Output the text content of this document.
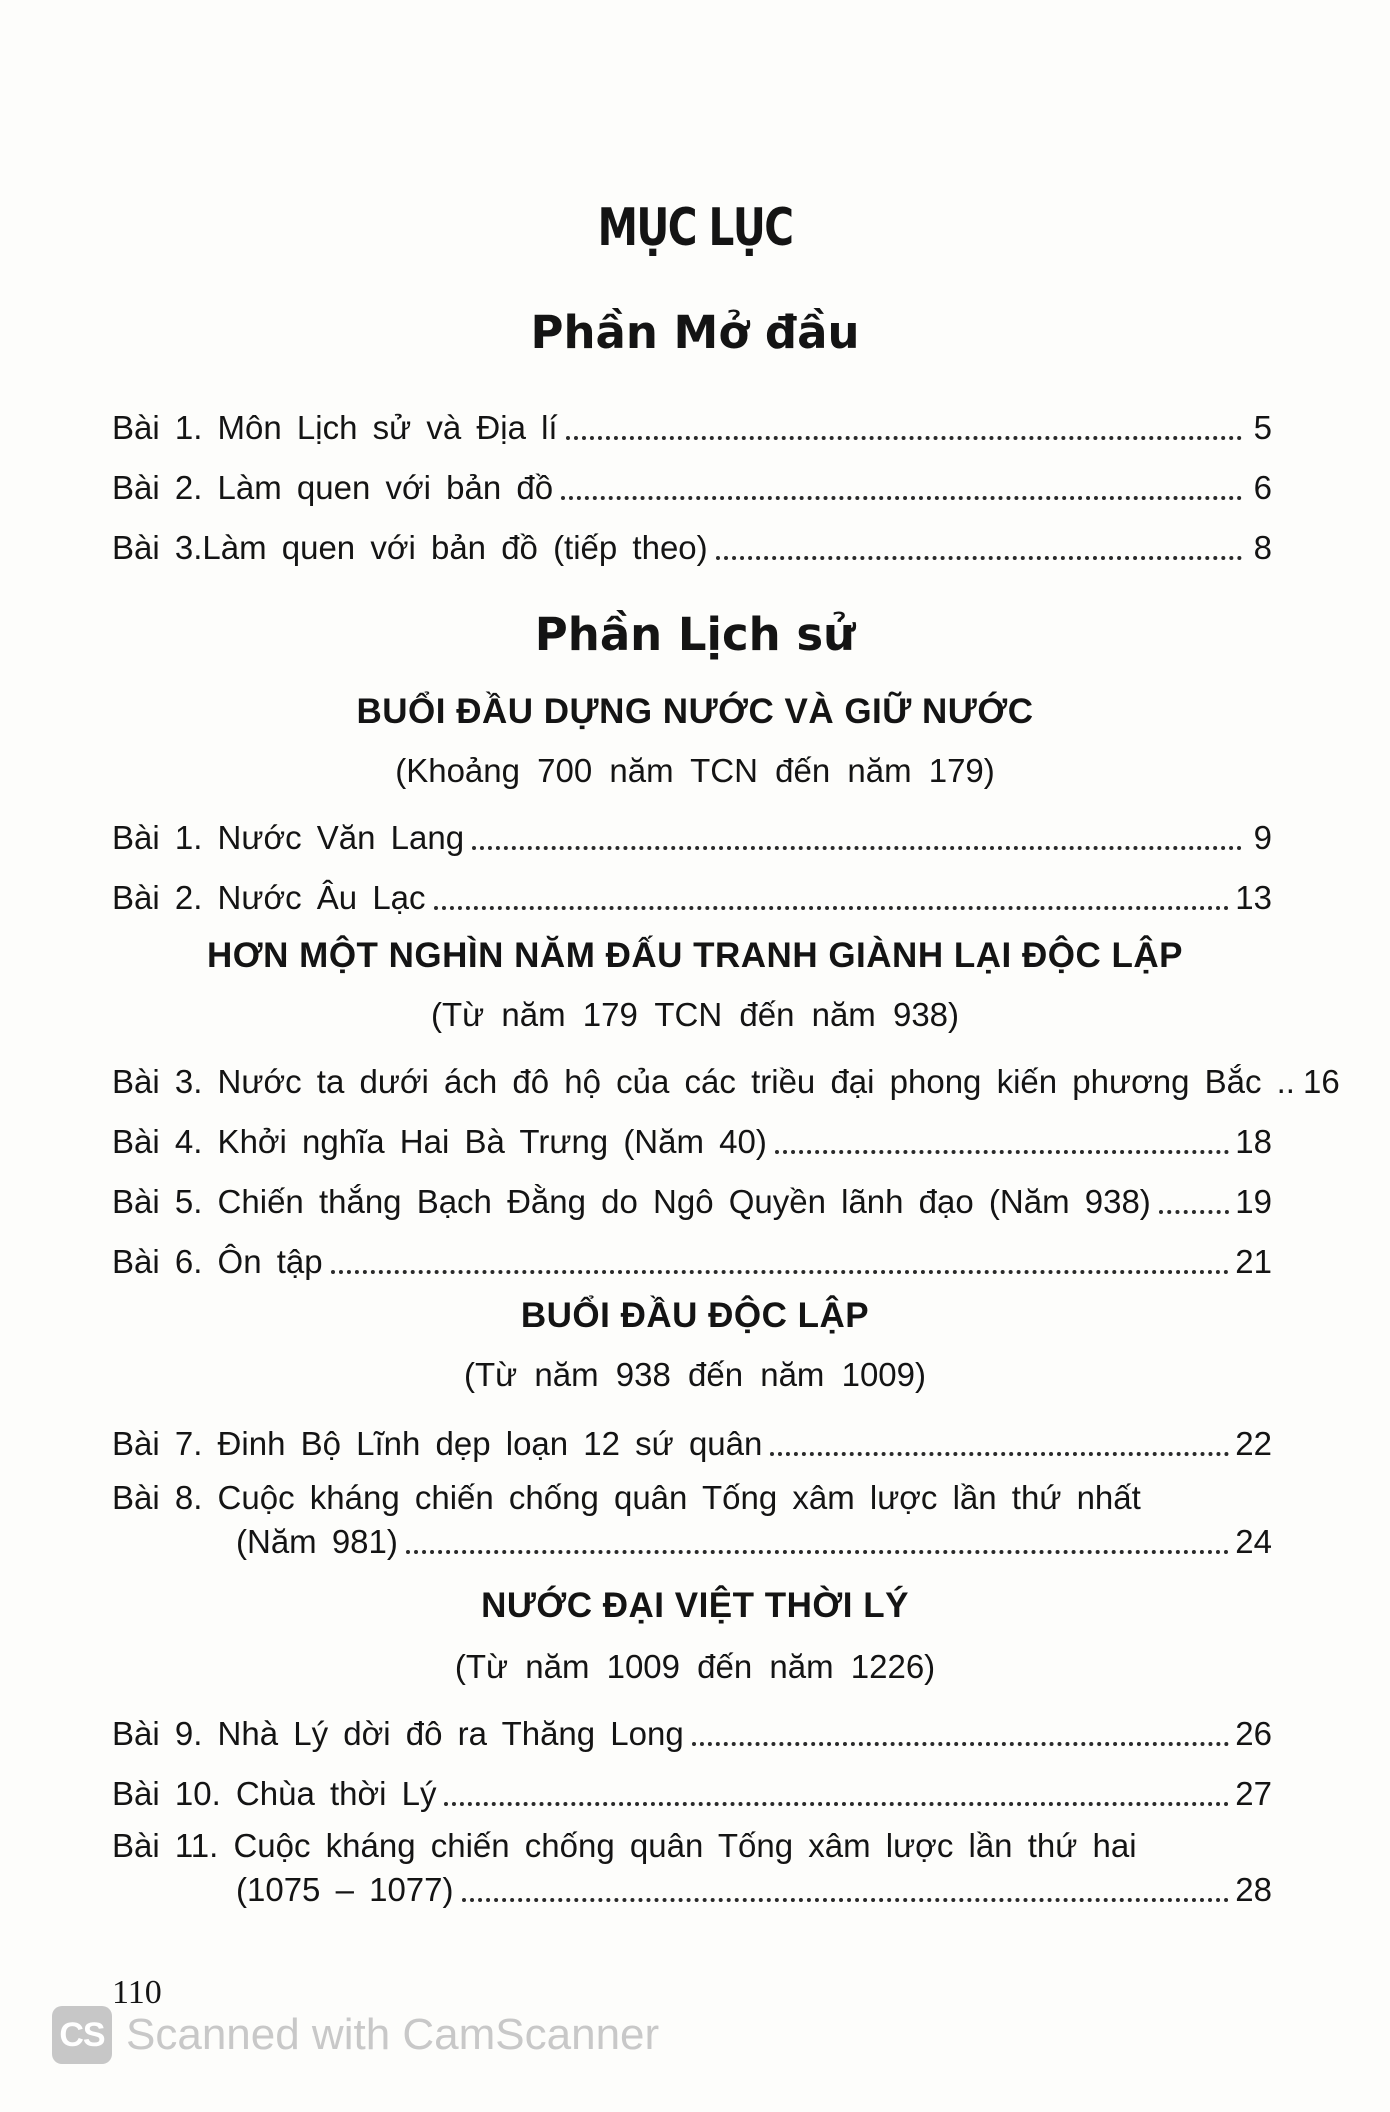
MỤC LỤC
Phần Mở đầu
Bài 1. Môn Lịch sử và Địa lí	5
Bài 2. Làm quen với bản đồ	6
Bài 3.Làm quen với bản đồ (tiếp theo)	8
Phần Lịch sử
BUỔI ĐẦU DỰNG NƯỚC VÀ GIỮ NƯỚC
(Khoảng 700 năm TCN đến năm 179)
Bài 1. Nước Văn Lang	9
Bài 2. Nước Âu Lạc	13
HƠN MỘT NGHÌN NĂM ĐẤU TRANH GIÀNH LẠI ĐỘC LẬP
(Từ năm 179 TCN đến năm 938)
Bài 3. Nước ta dưới ách đô hộ của các triều đại phong kiến phương Bắc .. 16
Bài 4. Khởi nghĩa Hai Bà Trưng (Năm 40)	18
Bài 5. Chiến thắng Bạch Đằng do Ngô Quyền lãnh đạo (Năm 938)	19
Bài 6. Ôn tập	21
BUỔI ĐẦU ĐỘC LẬP
(Từ năm 938 đến năm 1009)
Bài 7. Đinh Bộ Lĩnh dẹp loạn 12 sứ quân	22
Bài 8. Cuộc kháng chiến chống quân Tống xâm lược lần thứ nhất
(Năm 981)	24
NƯỚC ĐẠI VIỆT THỜI LÝ
(Từ năm 1009 đến năm 1226)
Bài 9. Nhà Lý dời đô ra Thăng Long	26
Bài 10. Chùa thời Lý	27
Bài 11. Cuộc kháng chiến chống quân Tống xâm lược lần thứ hai
(1075 – 1077)	28
110
CS Scanned with CamScanner
